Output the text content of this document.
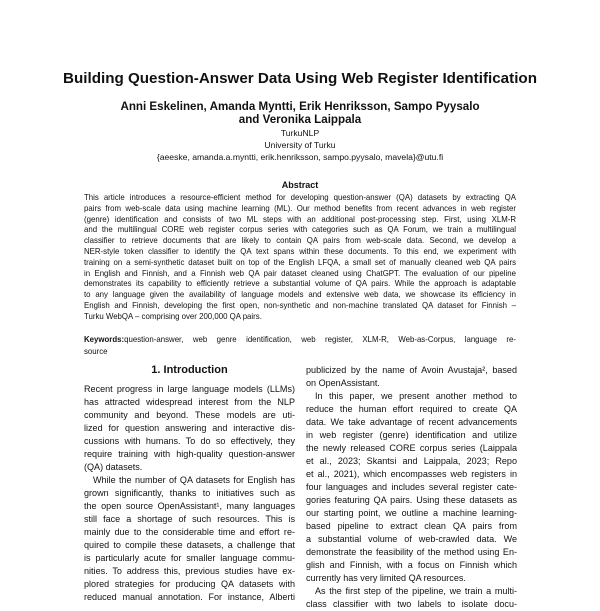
Building Question-Answer Data Using Web Register Identification
Anni Eskelinen, Amanda Myntti, Erik Henriksson, Sampo Pyysalo
and Veronika Laippala
TurkuNLP
University of Turku
{aeeske, amanda.a.myntti, erik.henriksson, sampo.pyysalo, mavela}@utu.fi
Abstract
This article introduces a resource-efficient method for developing question-answer (QA) datasets by extracting QA
pairs from web-scale data using machine learning (ML). Our method benefits from recent advances in web register
(genre) identification and consists of two ML steps with an additional post-processing step. First, using XLM-R
and the multilingual CORE web register corpus series with categories such as QA Forum, we train a multilingual
classifier to retrieve documents that are likely to contain QA pairs from web-scale data. Second, we develop a
NER-style token classifier to identify the QA text spans within these documents. To this end, we experiment with
training on a semi-synthetic dataset built on top of the English LFQA, a small set of manually cleaned web QA pairs
in English and Finnish, and a Finnish web QA pair dataset cleaned using ChatGPT. The evaluation of our pipeline
demonstrates its capability to efficiently retrieve a substantial volume of QA pairs. While the approach is adaptable
to any language given the availability of language models and extensive web data, we showcase its efficiency in
English and Finnish, developing the first open, non-synthetic and non-machine translated QA dataset for Finnish –
Turku WebQA – comprising over 200,000 QA pairs.
Keywords:question-answer, web genre identification, web register, XLM-R, Web-as-Corpus, language re-
source
1. Introduction
Recent progress in large language models (LLMs)
has attracted widespread interest from the NLP
community and beyond. These models are uti-
lized for question answering and interactive dis-
cussions with humans. To do so effectively, they
require training with high-quality question-answer
(QA) datasets.
While the number of QA datasets for English has
grown significantly, thanks to initiatives such as
the open source OpenAssistant¹, many languages
still face a shortage of such resources. This is
mainly due to the considerable time and effort re-
quired to compile these datasets, a challenge that
is particularly acute for smaller language commu-
nities. To address this, previous studies have ex-
plored strategies for producing QA datasets with
reduced manual annotation. For instance, Alberti
publicized by the name of Avoin Avustaja², based
on OpenAssistant.
In this paper, we present another method to
reduce the human effort required to create QA
data. We take advantage of recent advancements
in web register (genre) identification and utilize
the newly released CORE corpus series (Laippala
et al., 2023; Skantsi and Laippala, 2023; Repo
et al., 2021), which encompasses web registers in
four languages and includes several register cate-
gories featuring QA pairs. Using these datasets as
our starting point, we outline a machine learning-
based pipeline to extract clean QA pairs from
a substantial volume of web-crawled data. We
demonstrate the feasibility of the method using En-
glish and Finnish, with a focus on Finnish which
currently has very limited QA resources.
As the first step of the pipeline, we train a multi-
class classifier with two labels to isolate docu-
